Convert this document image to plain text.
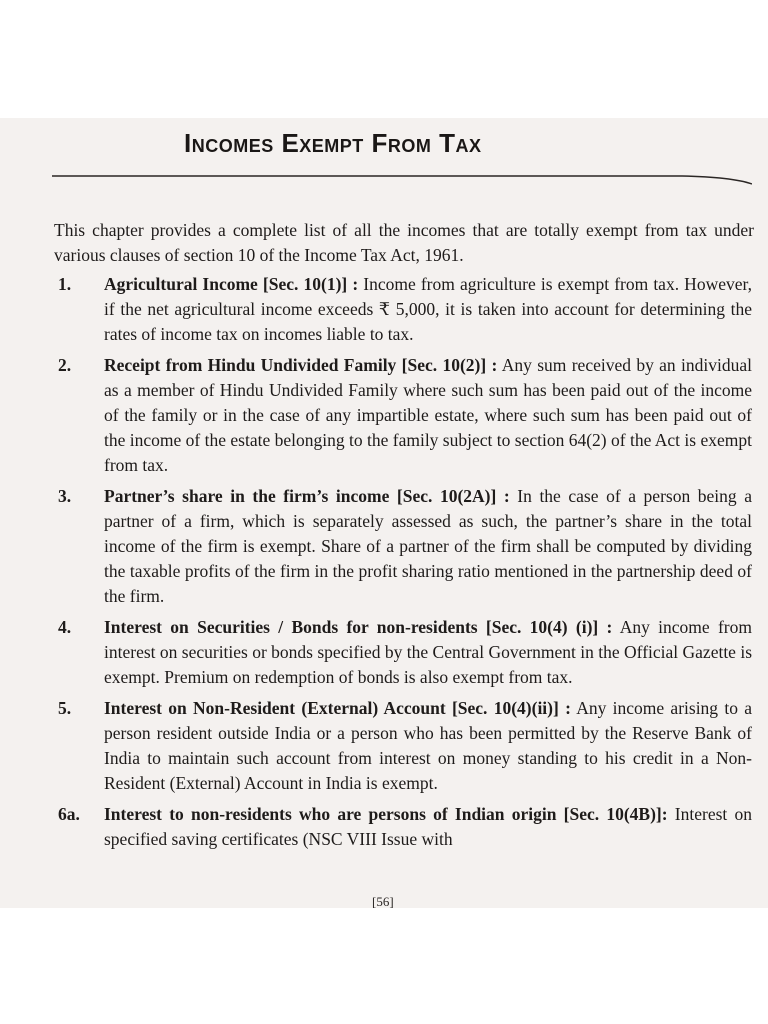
Incomes Exempt From Tax

This chapter provides a complete list of all the incomes that are totally exempt from tax under various clauses of section 10 of the Income Tax Act, 1961.

1. Agricultural Income [Sec. 10(1)] : Income from agriculture is exempt from tax. However, if the net agricultural income exceeds ₹ 5,000, it is taken into account for determining the rates of income tax on incomes liable to tax.
2. Receipt from Hindu Undivided Family [Sec. 10(2)] : Any sum received by an individual as a member of Hindu Undivided Family where such sum has been paid out of the income of the family or in the case of any impartible estate, where such sum has been paid out of the income of the estate belonging to the family subject to section 64(2) of the Act is exempt from tax.
3. Partner’s share in the firm’s income [Sec. 10(2A)] : In the case of a person being a partner of a firm, which is separately assessed as such, the partner’s share in the total income of the firm is exempt. Share of a partner of the firm shall be computed by dividing the taxable profits of the firm in the profit sharing ratio mentioned in the partnership deed of the firm.
4. Interest on Securities / Bonds for non-residents [Sec. 10(4) (i)] : Any income from interest on securities or bonds specified by the Central Government in the Official Gazette is exempt. Premium on redemption of bonds is also exempt from tax.
5. Interest on Non-Resident (External) Account [Sec. 10(4)(ii)] : Any income arising to a person resident outside India or a person who has been permitted by the Reserve Bank of India to maintain such account from interest on money standing to his credit in a Non-Resident (External) Account in India is exempt.
6a. Interest to non-residents who are persons of Indian origin [Sec. 10(4B)]: Interest on specified saving certificates (NSC VIII Issue with
[56]
